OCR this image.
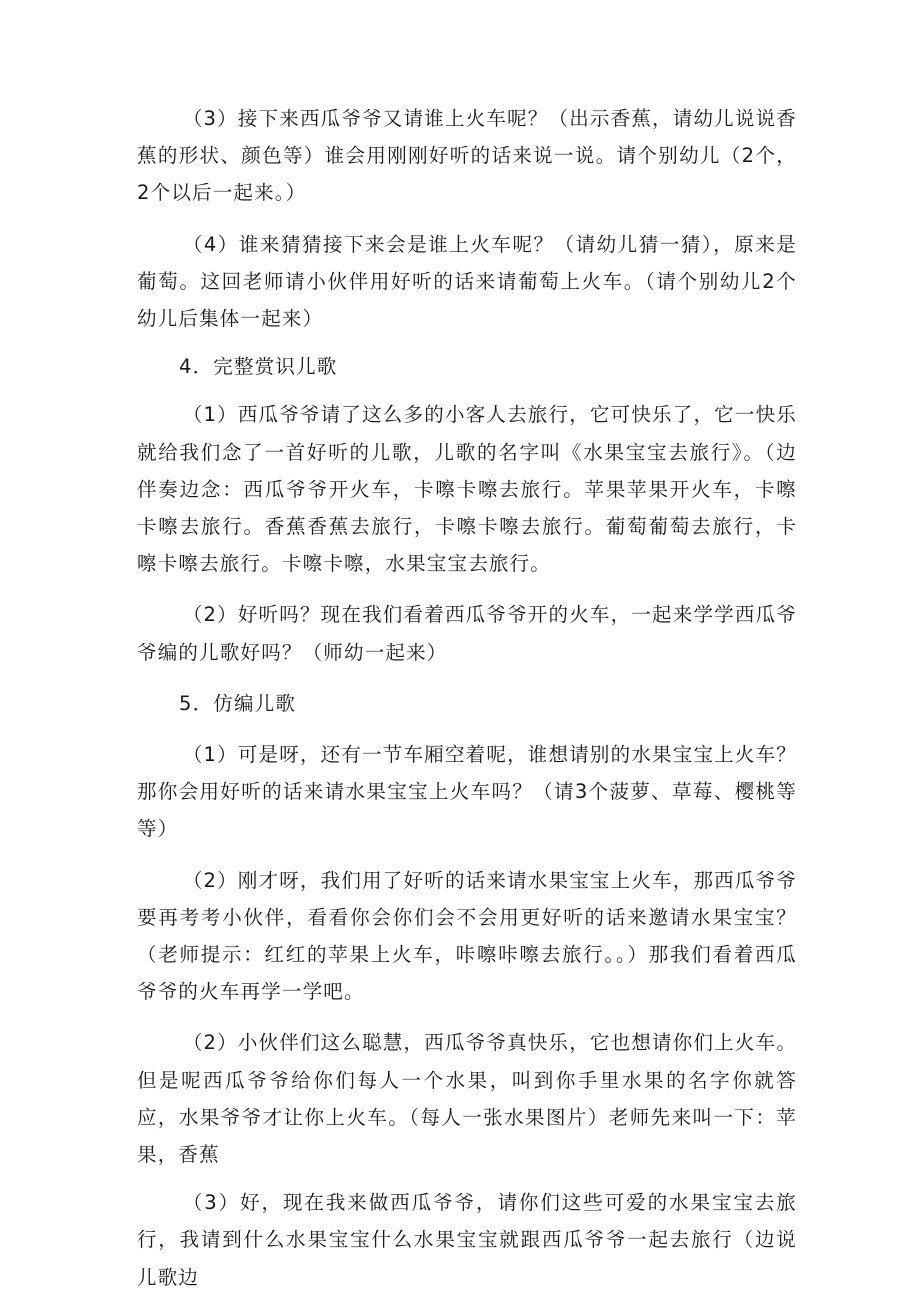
（3）接下来西瓜爷爷又请谁上火车呢？（出示香蕉，请幼儿说说香蕉的形状、颜色等）谁会用刚刚好听的话来说一说。请个别幼儿（2个，2个以后一起来。）

（4）谁来猜猜接下来会是谁上火车呢？（请幼儿猜一猜），原来是葡萄。这回老师请小伙伴用好听的话来请葡萄上火车。（请个别幼儿2个幼儿后集体一起来）

4．完整赏识儿歌

（1）西瓜爷爷请了这么多的小客人去旅行，它可快乐了，它一快乐就给我们念了一首好听的儿歌，儿歌的名字叫《水果宝宝去旅行》。（边伴奏边念：西瓜爷爷开火车，卡嚓卡嚓去旅行。苹果苹果开火车，卡嚓卡嚓去旅行。香蕉香蕉去旅行，卡嚓卡嚓去旅行。葡萄葡萄去旅行，卡嚓卡嚓去旅行。卡嚓卡嚓，水果宝宝去旅行。

（2）好听吗？现在我们看着西瓜爷爷开的火车，一起来学学西瓜爷爷编的儿歌好吗？（师幼一起来）

5．仿编儿歌

（1）可是呀，还有一节车厢空着呢，谁想请别的水果宝宝上火车？那你会用好听的话来请水果宝宝上火车吗？（请3个菠萝、草莓、樱桃等等）

（2）刚才呀，我们用了好听的话来请水果宝宝上火车，那西瓜爷爷要再考考小伙伴，看看你会你们会不会用更好听的话来邀请水果宝宝？（老师提示：红红的苹果上火车，咔嚓咔嚓去旅行。。）那我们看着西瓜爷爷的火车再学一学吧。

（2）小伙伴们这么聪慧，西瓜爷爷真快乐，它也想请你们上火车。但是呢西瓜爷爷给你们每人一个水果，叫到你手里水果的名字你就答应，水果爷爷才让你上火车。（每人一张水果图片）老师先来叫一下：苹果，香蕉

（3）好，现在我来做西瓜爷爷，请你们这些可爱的水果宝宝去旅行，我请到什么水果宝宝什么水果宝宝就跟西瓜爷爷一起去旅行（边说儿歌边
